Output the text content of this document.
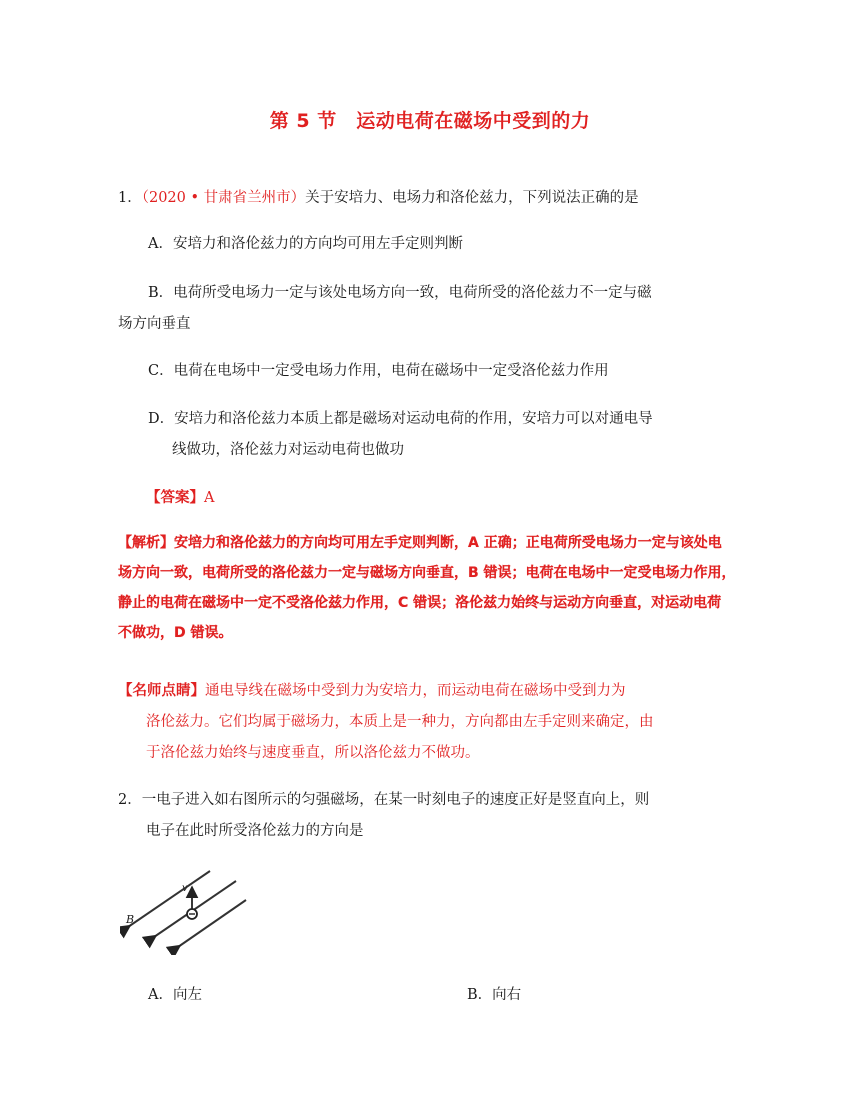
第 5 节　运动电荷在磁场中受到的力
1．（2020 • 甘肃省兰州市）关于安培力、电场力和洛伦兹力，下列说法正确的是
A．安培力和洛伦兹力的方向均可用左手定则判断
B．电荷所受电场力一定与该处电场方向一致，电荷所受的洛伦兹力不一定与磁
场方向垂直
C．电荷在电场中一定受电场力作用，电荷在磁场中一定受洛伦兹力作用
D．安培力和洛伦兹力本质上都是磁场对运动电荷的作用，安培力可以对通电导
线做功，洛伦兹力对运动电荷也做功
【答案】A
【解析】安培力和洛伦兹力的方向均可用左手定则判断，A 正确；正电荷所受电场力一定与该处电
场方向一致，电荷所受的洛伦兹力一定与磁场方向垂直，B 错误；电荷在电场中一定受电场力作用，
静止的电荷在磁场中一定不受洛伦兹力作用，C 错误；洛伦兹力始终与运动方向垂直，对运动电荷
不做功，D 错误。
【名师点睛】通电导线在磁场中受到力为安培力，而运动电荷在磁场中受到力为
洛伦兹力。它们均属于磁场力，本质上是一种力，方向都由左手定则来确定，由
于洛伦兹力始终与速度垂直，所以洛伦兹力不做功。
2．一电子进入如右图所示的匀强磁场，在某一时刻电子的速度正好是竖直向上，则
电子在此时所受洛伦兹力的方向是
v
B
A．向左	B．向右
